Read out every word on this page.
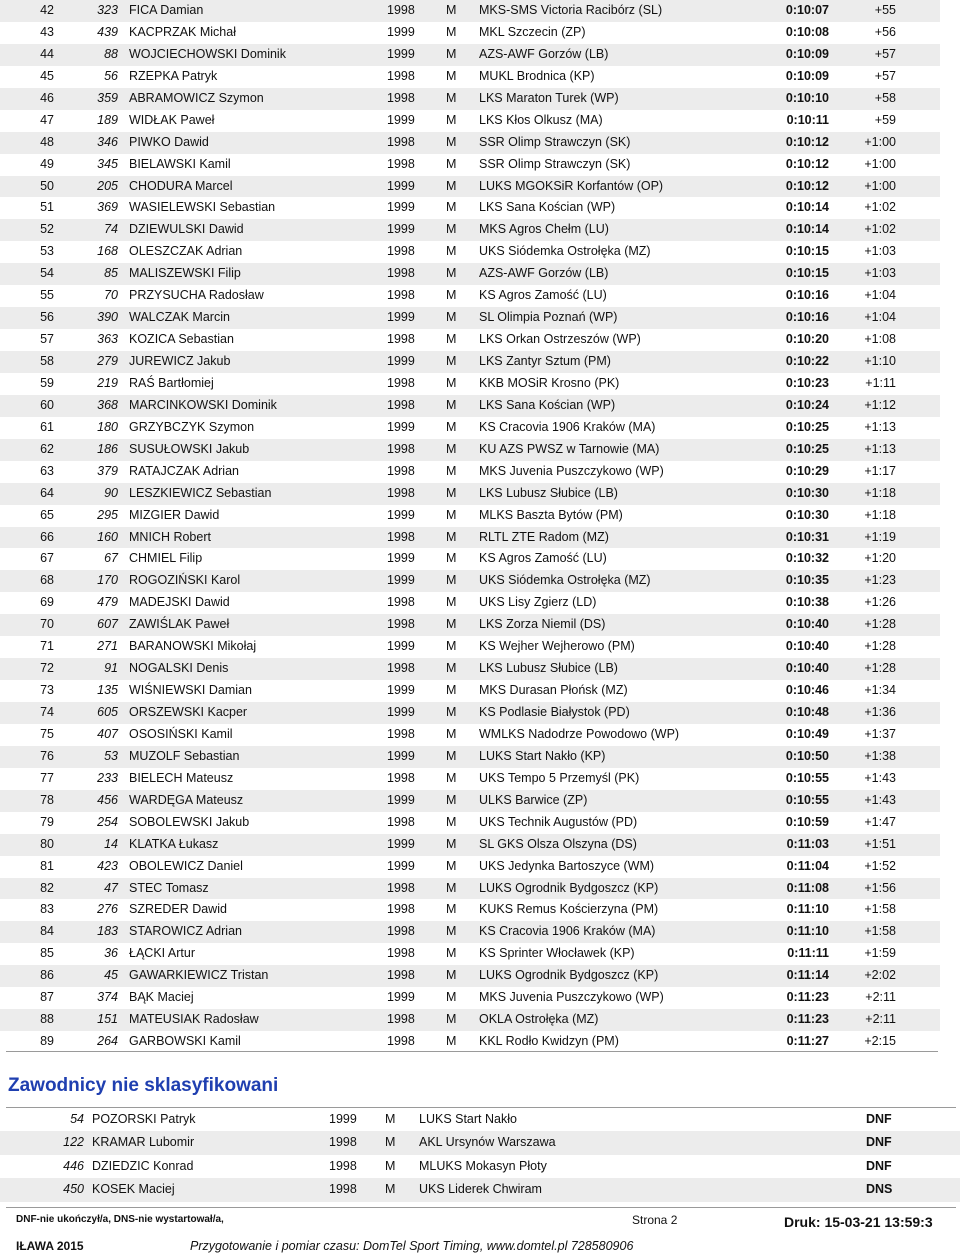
42	323 FICA Damian	1998 M MKS-SMS Victoria Racibórz (SL)	0:10:07	+55
43	439 KACPRZAK Michał	1999 M MKL Szczecin (ZP)	0:10:08	+56
44	88 WOJCIECHOWSKI Dominik	1999 M AZS-AWF Gorzów (LB)	0:10:09	+57
45	56 RZEPKA Patryk	1998 M MUKL Brodnica (KP)	0:10:09	+57
46	359 ABRAMOWICZ Szymon	1998 M LKS Maraton Turek (WP)	0:10:10	+58
47	189 WIDŁAK Paweł	1999 M LKS Kłos Olkusz (MA)	0:10:11	+59
48	346 PIWKO Dawid	1998 M SSR Olimp Strawczyn (SK)	0:10:12	+1:00
49	345 BIELAWSKI Kamil	1998 M SSR Olimp Strawczyn (SK)	0:10:12	+1:00
50	205 CHODURA Marcel	1999 M LUKS MGOKSiR Korfantów (OP)	0:10:12	+1:00
51	369 WASIELEWSKI Sebastian	1999 M LKS Sana Kościan (WP)	0:10:14	+1:02
52	74 DZIEWULSKI Dawid	1999 M MKS Agros Chełm (LU)	0:10:14	+1:02
53	168 OLESZCZAK Adrian	1998 M UKS Siódemka Ostrołęka (MZ)	0:10:15	+1:03
54	85 MALISZEWSKI Filip	1998 M AZS-AWF Gorzów (LB)	0:10:15	+1:03
55	70 PRZYSUCHA Radosław	1998 M KS Agros Zamość (LU)	0:10:16	+1:04
56	390 WALCZAK Marcin	1999 M SL Olimpia Poznań (WP)	0:10:16	+1:04
57	363 KOZICA Sebastian	1998 M LKS Orkan Ostrzeszów (WP)	0:10:20	+1:08
58	279 JUREWICZ Jakub	1999 M LKS Zantyr Sztum (PM)	0:10:22	+1:10
59	219 RAŚ Bartłomiej	1998 M KKB MOSiR Krosno (PK)	0:10:23	+1:11
60	368 MARCINKOWSKI Dominik	1998 M LKS Sana Kościan (WP)	0:10:24	+1:12
61	180 GRZYBCZYK Szymon	1999 M KS Cracovia 1906 Kraków (MA)	0:10:25	+1:13
62	186 SUSUŁOWSKI Jakub	1998 M KU AZS PWSZ w Tarnowie (MA)	0:10:25	+1:13
63	379 RATAJCZAK Adrian	1998 M MKS Juvenia Puszczykowo (WP)	0:10:29	+1:17
64	90 LESZKIEWICZ Sebastian	1998 M LKS Lubusz Słubice (LB)	0:10:30	+1:18
65	295 MIZGIER Dawid	1999 M MLKS Baszta Bytów (PM)	0:10:30	+1:18
66	160 MNICH Robert	1998 M RLTL ZTE Radom (MZ)	0:10:31	+1:19
67	67 CHMIEL Filip	1999 M KS Agros Zamość (LU)	0:10:32	+1:20
68	170 ROGOZIŃSKI Karol	1999 M UKS Siódemka Ostrołęka (MZ)	0:10:35	+1:23
69	479 MADEJSKI Dawid	1998 M UKS Lisy Zgierz (LD)	0:10:38	+1:26
70	607 ZAWIŚLAK Paweł	1998 M LKS Zorza Niemil (DS)	0:10:40	+1:28
71	271 BARANOWSKI Mikołaj	1999 M KS Wejher Wejherowo (PM)	0:10:40	+1:28
72	91 NOGALSKI Denis	1998 M LKS Lubusz Słubice (LB)	0:10:40	+1:28
73	135 WIŚNIEWSKI Damian	1999 M MKS Durasan Płońsk (MZ)	0:10:46	+1:34
74	605 ORSZEWSKI Kacper	1999 M KS Podlasie Białystok (PD)	0:10:48	+1:36
75	407 OSOSIŃSKI Kamil	1998 M WMLKS Nadodrze Powodowo (WP)	0:10:49	+1:37
76	53 MUZOLF Sebastian	1999 M LUKS Start Nakło (KP)	0:10:50	+1:38
77	233 BIELECH Mateusz	1998 M UKS Tempo 5 Przemyśl (PK)	0:10:55	+1:43
78	456 WARDĘGA Mateusz	1999 M ULKS Barwice (ZP)	0:10:55	+1:43
79	254 SOBOLEWSKI Jakub	1998 M UKS Technik Augustów (PD)	0:10:59	+1:47
80	14 KLATKA Łukasz	1999 M SL GKS Olsza Olszyna (DS)	0:11:03	+1:51
81	423 OBOLEWICZ Daniel	1999 M UKS Jedynka Bartoszyce (WM)	0:11:04	+1:52
82	47 STEC Tomasz	1998 M LUKS Ogrodnik Bydgoszcz (KP)	0:11:08	+1:56
83	276 SZREDER Dawid	1998 M KUKS Remus Kościerzyna (PM)	0:11:10	+1:58
84	183 STAROWICZ Adrian	1998 M KS Cracovia 1906 Kraków (MA)	0:11:10	+1:58
85	36 ŁĄCKI Artur	1998 M KS Sprinter Włocławek (KP)	0:11:11	+1:59
86	45 GAWARKIEWICZ Tristan	1998 M LUKS Ogrodnik Bydgoszcz (KP)	0:11:14	+2:02
87	374 BĄK Maciej	1999 M MKS Juvenia Puszczykowo (WP)	0:11:23	+2:11
88	151 MATEUSIAK Radosław	1998 M OKLA Ostrołęka (MZ)	0:11:23	+2:11
89	264 GARBOWSKI Kamil	1998 M KKL Rodło Kwidzyn (PM)	0:11:27	+2:15
Zawodnicy nie sklasyfikowani
54 POZORSKI Patryk	1999 M LUKS Start Nakło	DNF
122 KRAMAR Lubomir	1998 M AKL Ursynów Warszawa	DNF
446 DZIEDZIC Konrad	1998 M MLUKS Mokasyn Płoty	DNF
450 KOSEK Maciej	1998 M UKS Liderek Chwiram	DNS
DNF-nie ukończył/a, DNS-nie wystartował/a,	Strona 2	Druk: 15-03-21 13:59:3
IŁAWA 2015	Przygotowanie i pomiar czasu: DomTel Sport Timing, www.domtel.pl 728580906
